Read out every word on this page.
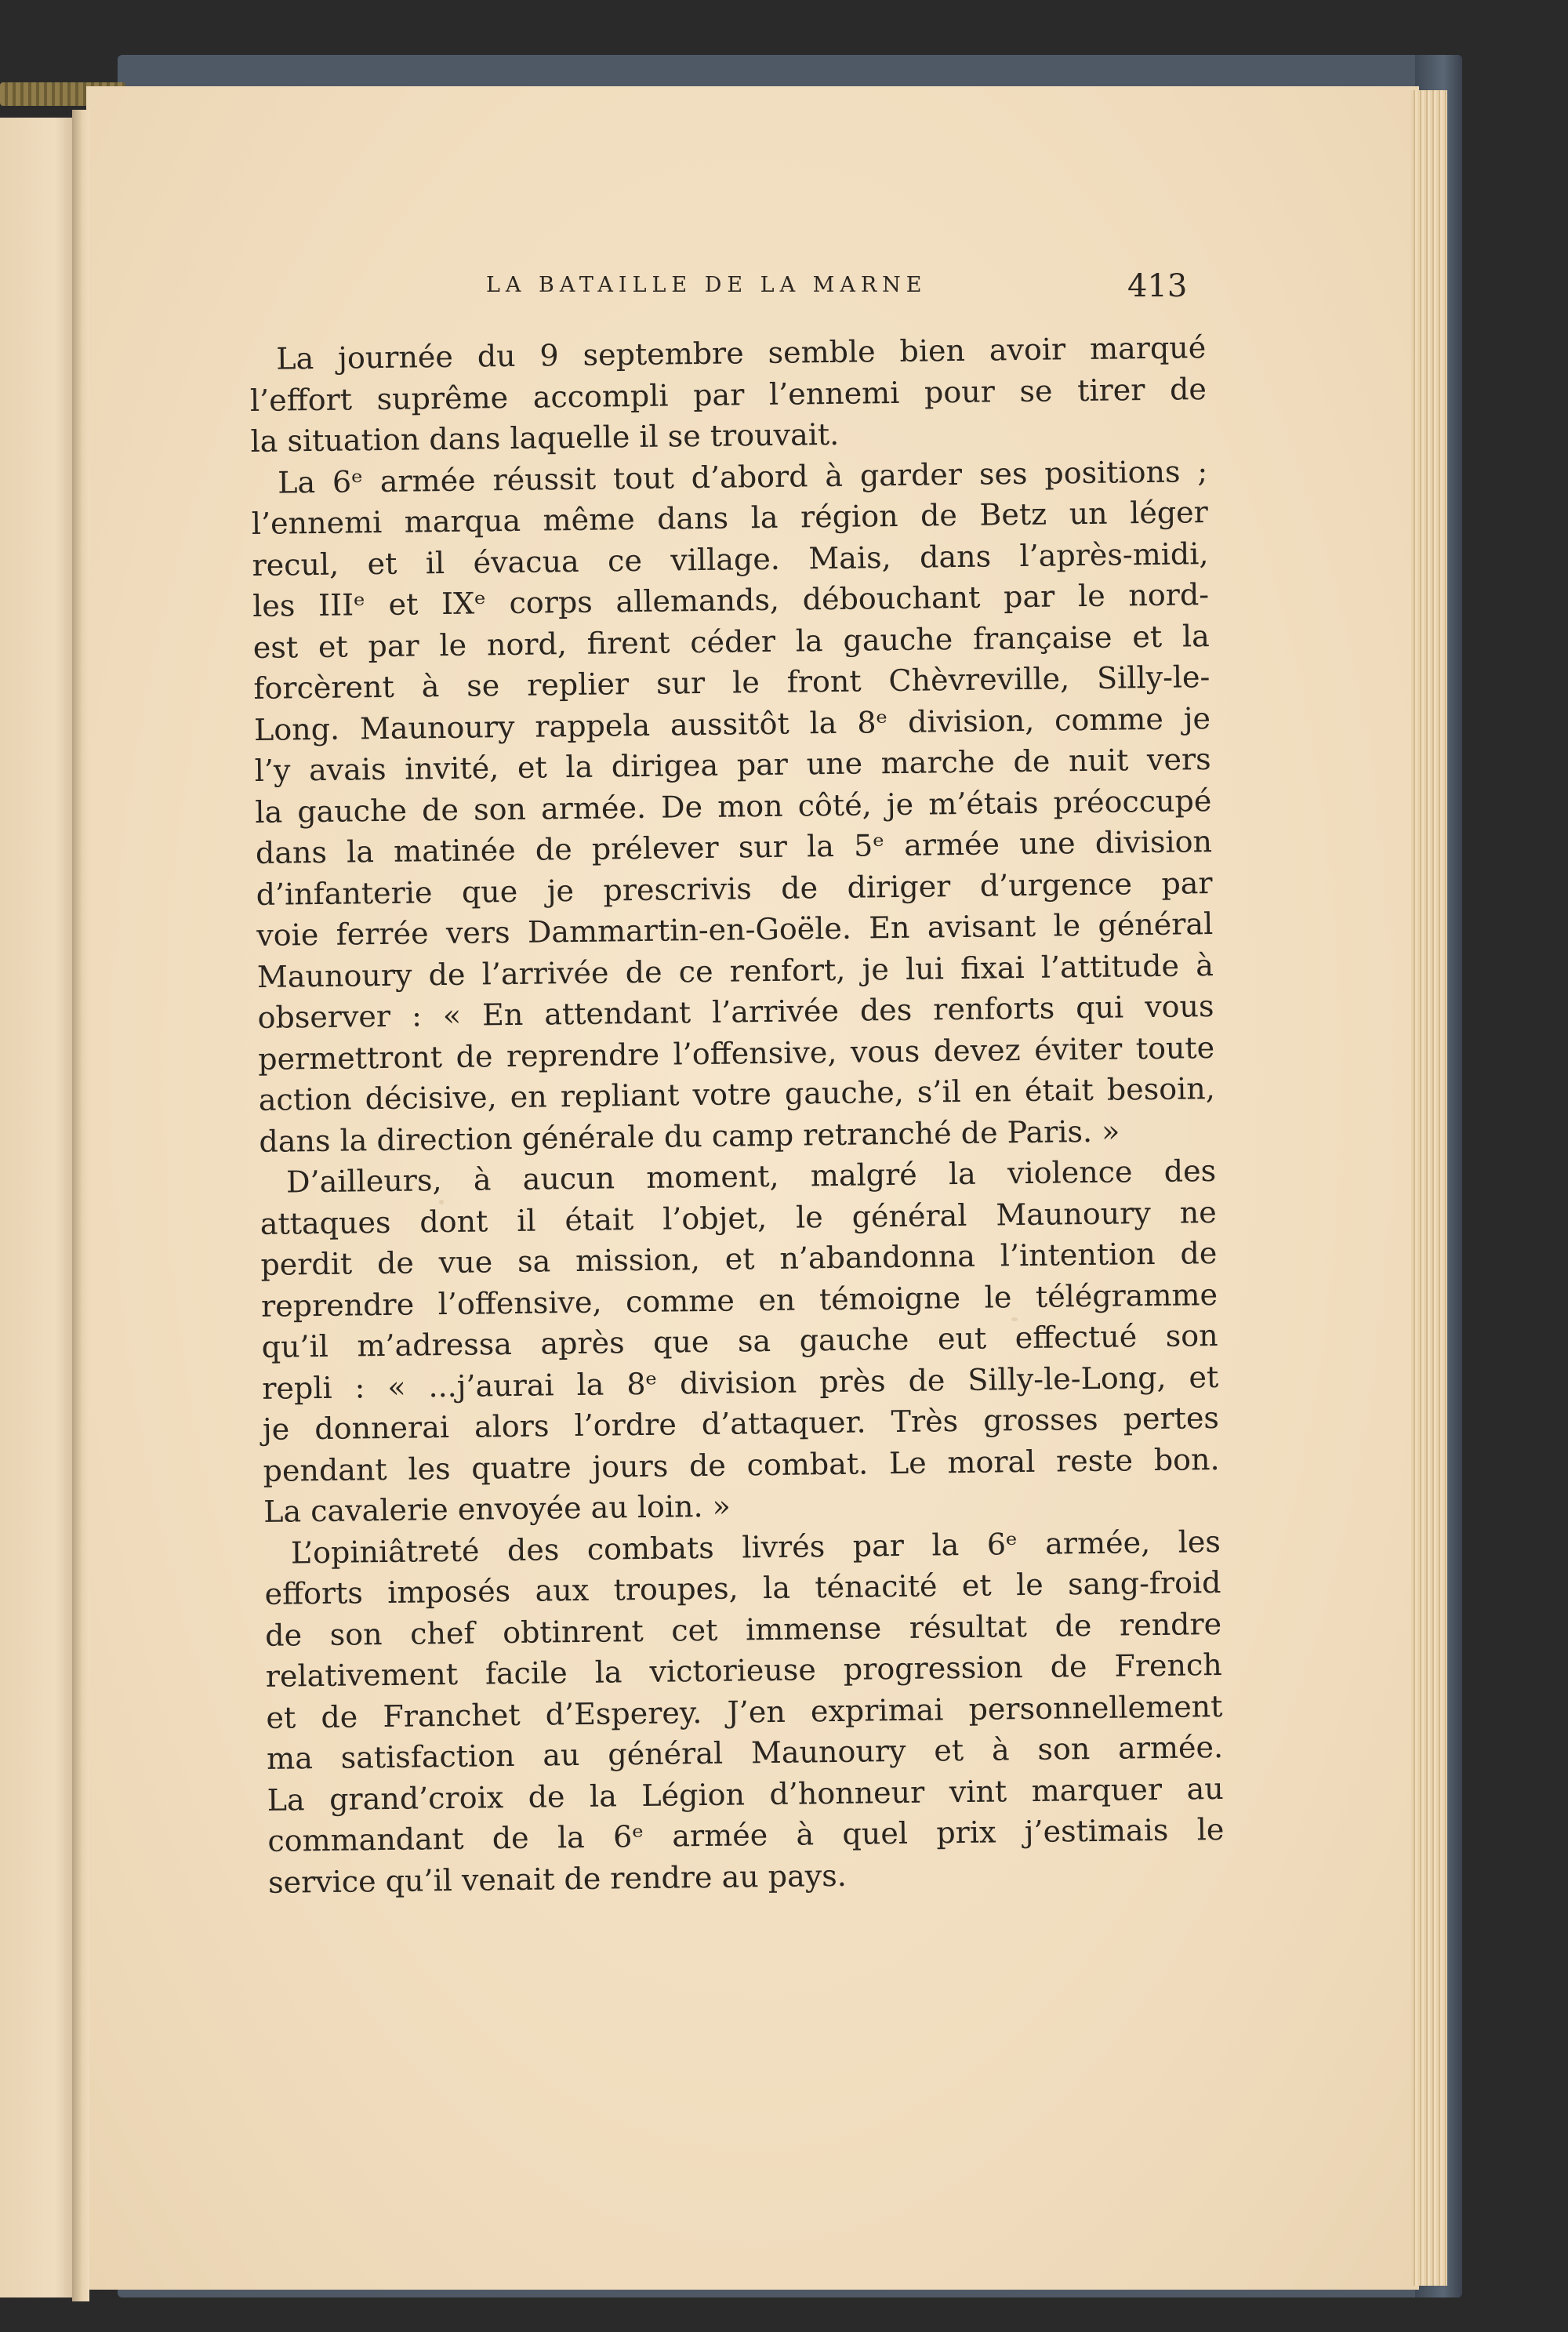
LA BATAILLE DE LA MARNE	413
La journée du 9 septembre semble bien avoir marqué
l’effort suprême accompli par l’ennemi pour se tirer de
la situation dans laquelle il se trouvait.
La 6ᵉ armée réussit tout d’abord à garder ses positions ;
l’ennemi marqua même dans la région de Betz un léger
recul, et il évacua ce village. Mais, dans l’après-midi,
les IIIᵉ et IXᵉ corps allemands, débouchant par le nord-
est et par le nord, firent céder la gauche française et la
forcèrent à se replier sur le front Chèvreville, Silly-le-
Long. Maunoury rappela aussitôt la 8ᵉ division, comme je
l’y avais invité, et la dirigea par une marche de nuit vers
la gauche de son armée. De mon côté, je m’étais préoccupé
dans la matinée de prélever sur la 5ᵉ armée une division
d’infanterie que je prescrivis de diriger d’urgence par
voie ferrée vers Dammartin-en-Goële. En avisant le général
Maunoury de l’arrivée de ce renfort, je lui fixai l’attitude à
observer : « En attendant l’arrivée des renforts qui vous
permettront de reprendre l’offensive, vous devez éviter toute
action décisive, en repliant votre gauche, s’il en était besoin,
dans la direction générale du camp retranché de Paris. »
D’ailleurs, à aucun moment, malgré la violence des
attaques dont il était l’objet, le général Maunoury ne
perdit de vue sa mission, et n’abandonna l’intention de
reprendre l’offensive, comme en témoigne le télégramme
qu’il m’adressa après que sa gauche eut effectué son
repli : « ...j’aurai la 8ᵉ division près de Silly-le-Long, et
je donnerai alors l’ordre d’attaquer. Très grosses pertes
pendant les quatre jours de combat. Le moral reste bon.
La cavalerie envoyée au loin. »
L’opiniâtreté des combats livrés par la 6ᵉ armée, les
efforts imposés aux troupes, la ténacité et le sang-froid
de son chef obtinrent cet immense résultat de rendre
relativement facile la victorieuse progression de French
et de Franchet d’Esperey. J’en exprimai personnellement
ma satisfaction au général Maunoury et à son armée.
La grand’croix de la Légion d’honneur vint marquer au
commandant de la 6ᵉ armée à quel prix j’estimais le
service qu’il venait de rendre au pays.
